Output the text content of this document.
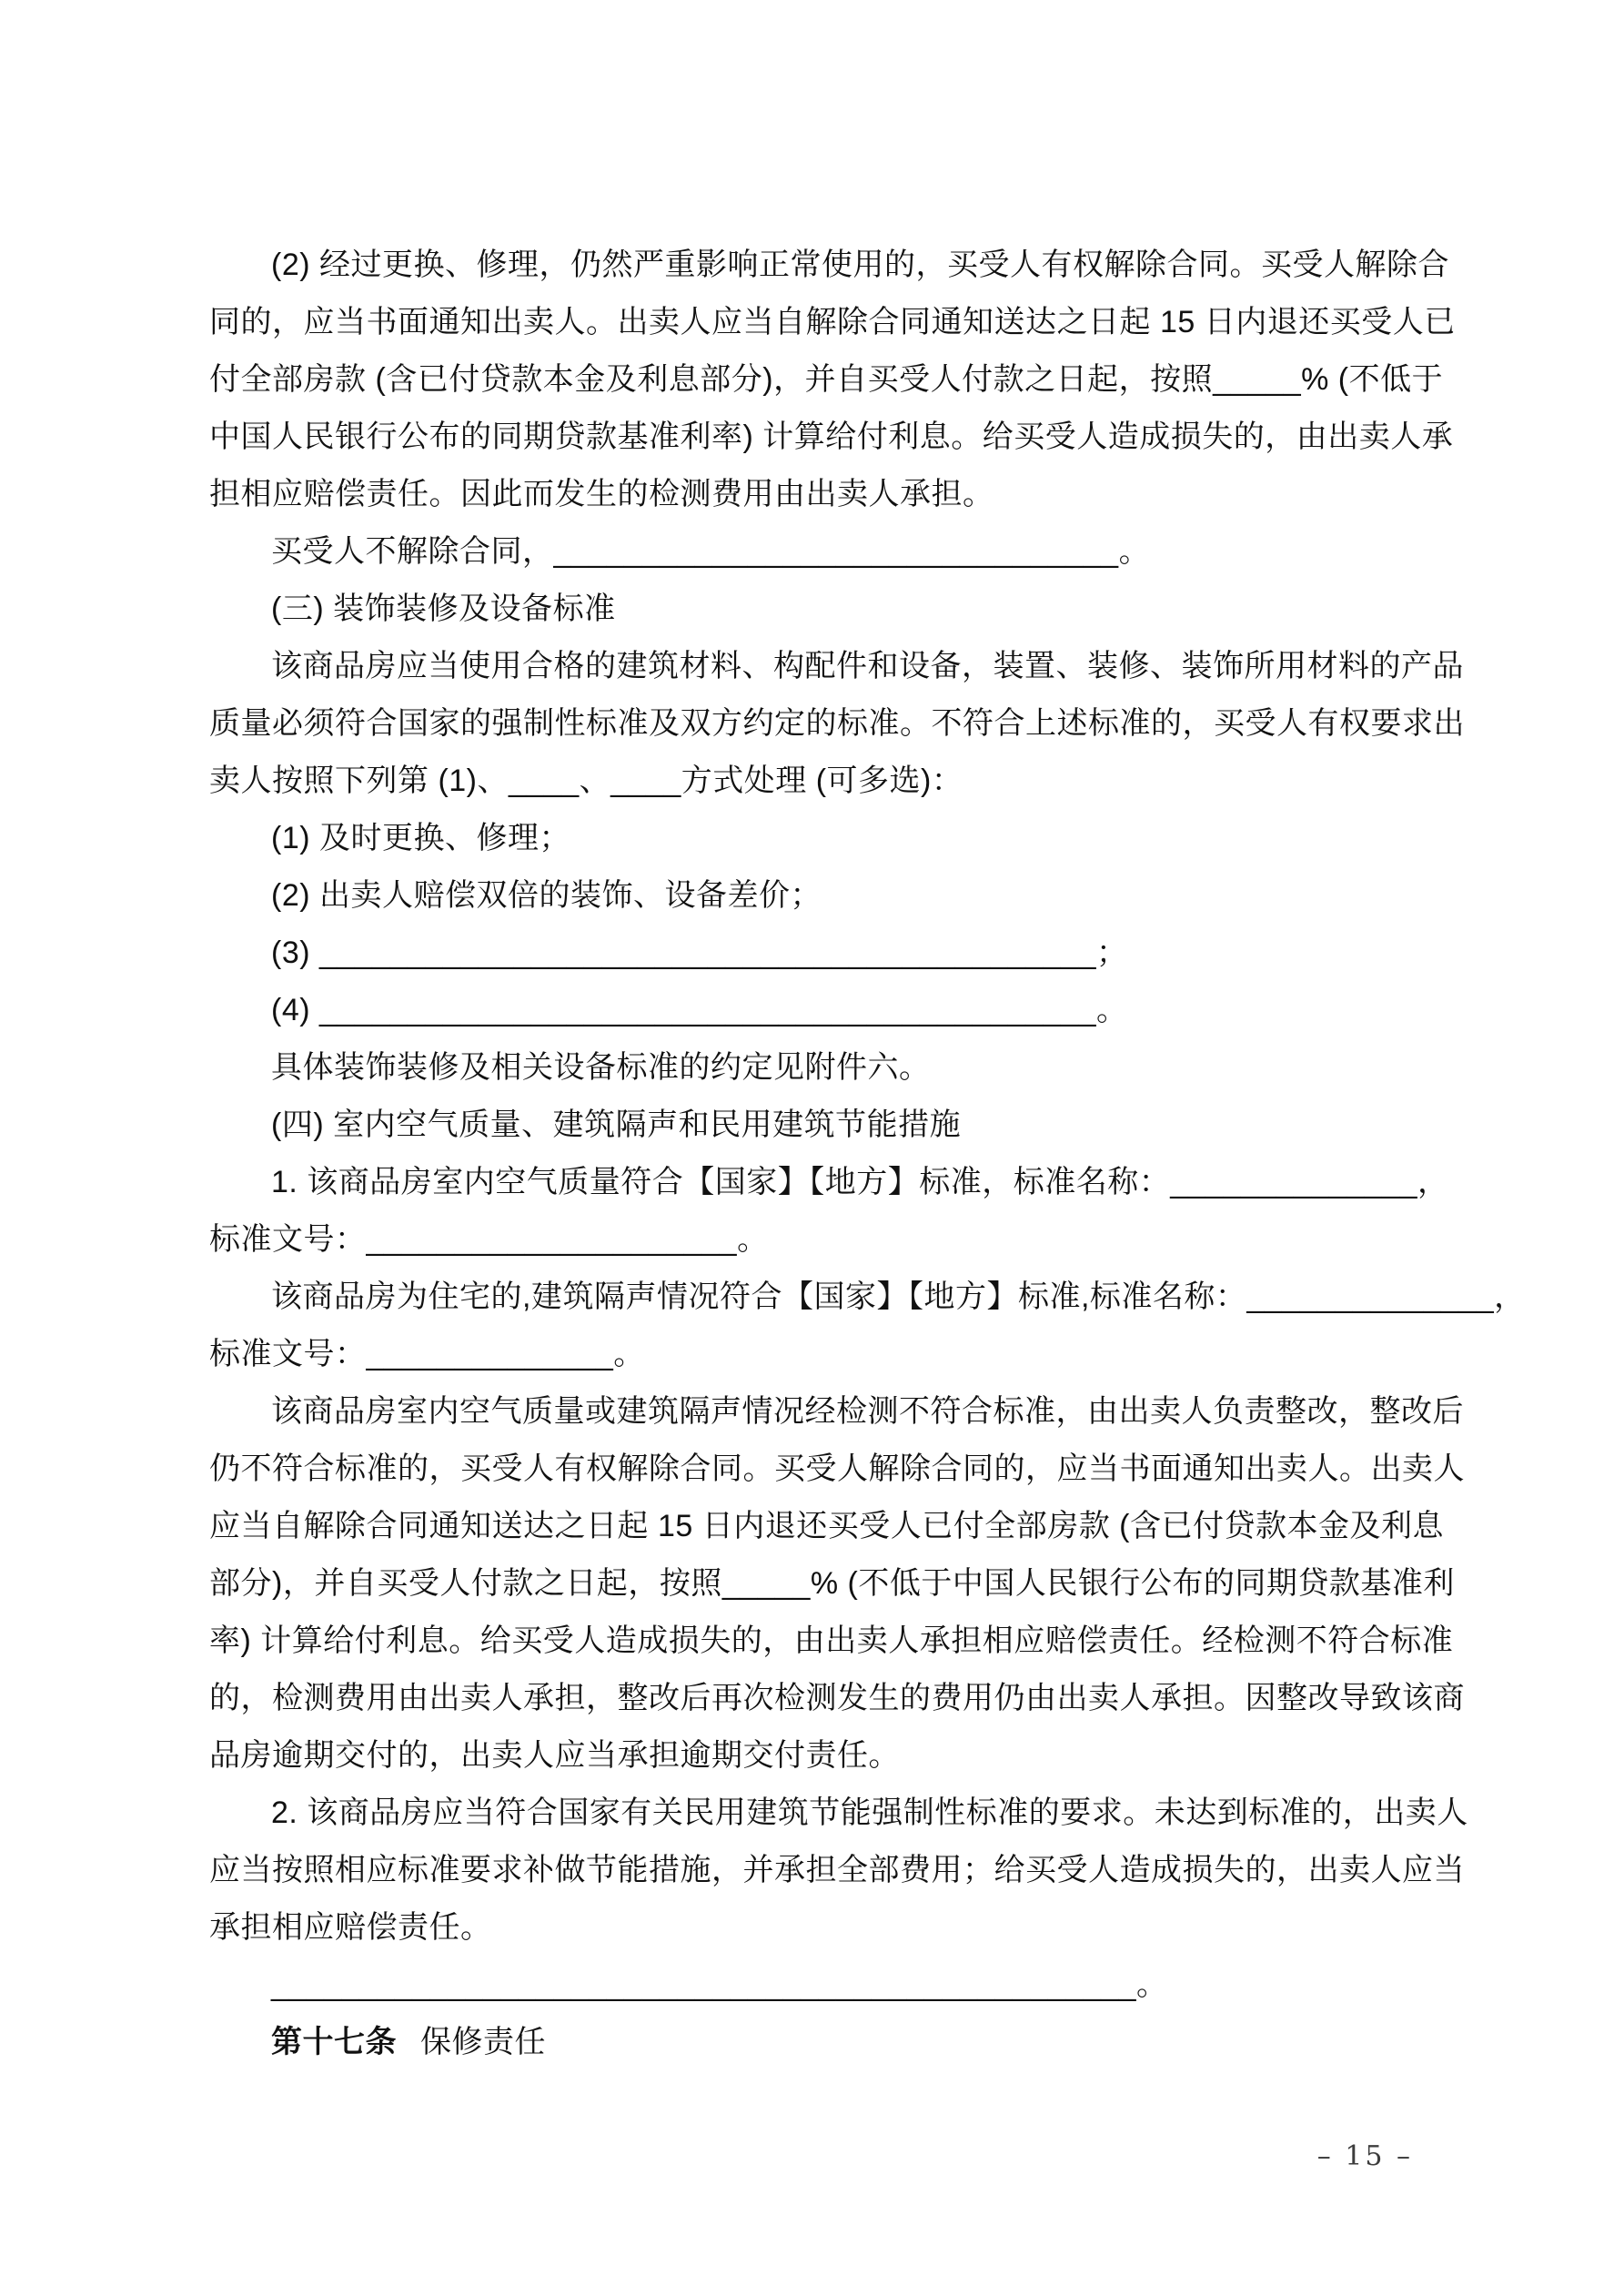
(2) 经过更换、修理，仍然严重影响正常使用的，买受人有权解除合同。买受人解除合
同的，应当书面通知出卖人。出卖人应当自解除合同通知送达之日起 15 日内退还买受人已
付全部房款 (含已付贷款本金及利息部分)，并自买受人付款之日起，按照_____% (不低于
中国人民银行公布的同期贷款基准利率) 计算给付利息。给买受人造成损失的，由出卖人承
担相应赔偿责任。因此而发生的检测费用由出卖人承担。
买受人不解除合同，________________________________。
(三) 装饰装修及设备标准
该商品房应当使用合格的建筑材料、构配件和设备，装置、装修、装饰所用材料的产品
质量必须符合国家的强制性标准及双方约定的标准。不符合上述标准的，买受人有权要求出
卖人按照下列第 (1)、____、____方式处理 (可多选)：
(1) 及时更换、修理；
(2) 出卖人赔偿双倍的装饰、设备差价；
(3) ____________________________________________；
(4) ____________________________________________。
具体装饰装修及相关设备标准的约定见附件六。
(四) 室内空气质量、建筑隔声和民用建筑节能措施
1. 该商品房室内空气质量符合【国家】【地方】标准，标准名称：______________，
标准文号：_____________________。
该商品房为住宅的,建筑隔声情况符合【国家】【地方】标准,标准名称：______________，
标准文号：______________。
该商品房室内空气质量或建筑隔声情况经检测不符合标准，由出卖人负责整改，整改后
仍不符合标准的，买受人有权解除合同。买受人解除合同的，应当书面通知出卖人。出卖人
应当自解除合同通知送达之日起 15 日内退还买受人已付全部房款 (含已付贷款本金及利息
部分)，并自买受人付款之日起，按照_____% (不低于中国人民银行公布的同期贷款基准利
率) 计算给付利息。给买受人造成损失的，由出卖人承担相应赔偿责任。经检测不符合标准
的，检测费用由出卖人承担，整改后再次检测发生的费用仍由出卖人承担。因整改导致该商
品房逾期交付的，出卖人应当承担逾期交付责任。
2. 该商品房应当符合国家有关民用建筑节能强制性标准的要求。未达到标准的，出卖人
应当按照相应标准要求补做节能措施，并承担全部费用；给买受人造成损失的，出卖人应当
承担相应赔偿责任。
_________________________________________________。
第十七条 保修责任
– 15 –
